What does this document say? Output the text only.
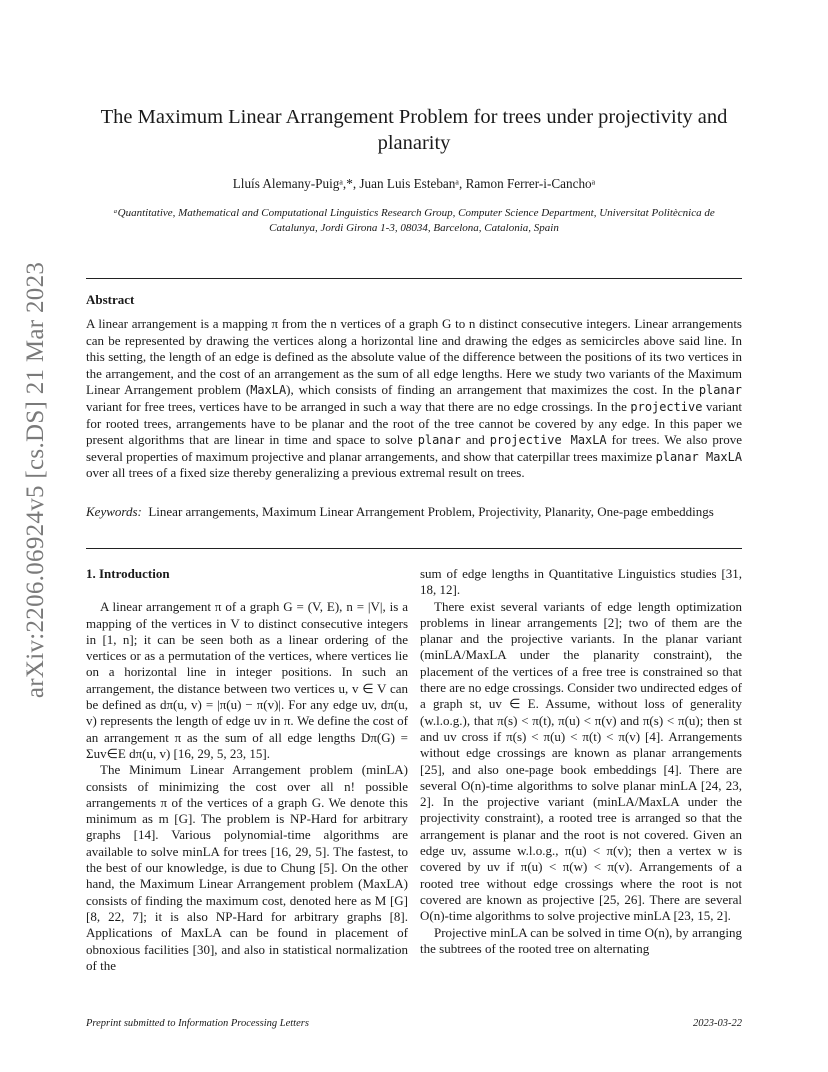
arXiv:2206.06924v5 [cs.DS] 21 Mar 2023
The Maximum Linear Arrangement Problem for trees under projectivity and planarity
Lluís Alemany-Puigᵃ,*, Juan Luis Estebanᵃ, Ramon Ferrer-i-Canchoᵃ
ᵃQuantitative, Mathematical and Computational Linguistics Research Group, Computer Science Department, Universitat Politècnica de Catalunya, Jordi Girona 1-3, 08034, Barcelona, Catalonia, Spain
Abstract
A linear arrangement is a mapping π from the n vertices of a graph G to n distinct consecutive integers. Linear arrangements can be represented by drawing the vertices along a horizontal line and drawing the edges as semicircles above said line. In this setting, the length of an edge is defined as the absolute value of the difference between the positions of its two vertices in the arrangement, and the cost of an arrangement as the sum of all edge lengths. Here we study two variants of the Maximum Linear Arrangement problem (MaxLA), which consists of finding an arrangement that maximizes the cost. In the planar variant for free trees, vertices have to be arranged in such a way that there are no edge crossings. In the projective variant for rooted trees, arrangements have to be planar and the root of the tree cannot be covered by any edge. In this paper we present algorithms that are linear in time and space to solve planar and projective MaxLA for trees. We also prove several properties of maximum projective and planar arrangements, and show that caterpillar trees maximize planar MaxLA over all trees of a fixed size thereby generalizing a previous extremal result on trees.
Keywords: Linear arrangements, Maximum Linear Arrangement Problem, Projectivity, Planarity, One-page embeddings

1. Introduction

A linear arrangement π of a graph G = (V, E), n = |V|, is a mapping of the vertices in V to distinct consecutive integers in [1, n]; it can be seen both as a linear ordering of the vertices or as a permutation of the vertices, where vertices lie on a horizontal line in integer positions. In such an arrangement, the distance between two vertices u, v ∈ V can be defined as dπ(u, v) = |π(u) − π(v)|. For any edge uv, dπ(u, v) represents the length of edge uv in π. We define the cost of an arrangement π as the sum of all edge lengths Dπ(G) = Σuv∈E dπ(u, v) [16, 29, 5, 23, 15].

The Minimum Linear Arrangement problem (minLA) consists of minimizing the cost over all n! possible arrangements π of the vertices of a graph G. We denote this minimum as m [G]. The problem is NP-Hard for arbitrary graphs [14]. Various polynomial-time algorithms are available to solve minLA for trees [16, 29, 5]. The fastest, to the best of our knowledge, is due to Chung [5]. On the other hand, the Maximum Linear Arrangement problem (MaxLA) consists of finding the maximum cost, denoted here as M [G] [8, 22, 7]; it is also NP-Hard for arbitrary graphs [8]. Applications of MaxLA can be found in placement of obnoxious facilities [30], and also in statistical normalization of the

sum of edge lengths in Quantitative Linguistics studies [31, 18, 12].

There exist several variants of edge length optimization problems in linear arrangements [2]; two of them are the planar and the projective variants. In the planar variant (minLA/MaxLA under the planarity constraint), the placement of the vertices of a free tree is constrained so that there are no edge crossings. Consider two undirected edges of a graph st, uv ∈ E. Assume, without loss of generality (w.l.o.g.), that π(s) < π(t), π(u) < π(v) and π(s) < π(u); then st and uv cross if π(s) < π(u) < π(t) < π(v) [4]. Arrangements without edge crossings are known as planar arrangements [25], and also one-page book embeddings [4]. There are several O(n)-time algorithms to solve planar minLA [24, 23, 2]. In the projective variant (minLA/MaxLA under the projectivity constraint), a rooted tree is arranged so that the arrangement is planar and the root is not covered. Given an edge uv, assume w.l.o.g., π(u) < π(v); then a vertex w is covered by uv if π(u) < π(w) < π(v). Arrangements of a rooted tree without edge crossings where the root is not covered are known as projective [25, 26]. There are several O(n)-time algorithms to solve projective minLA [23, 15, 2].

Projective minLA can be solved in time O(n), by arranging the subtrees of the rooted tree on alternating

Preprint submitted to Information Processing Letters	2023-03-22
